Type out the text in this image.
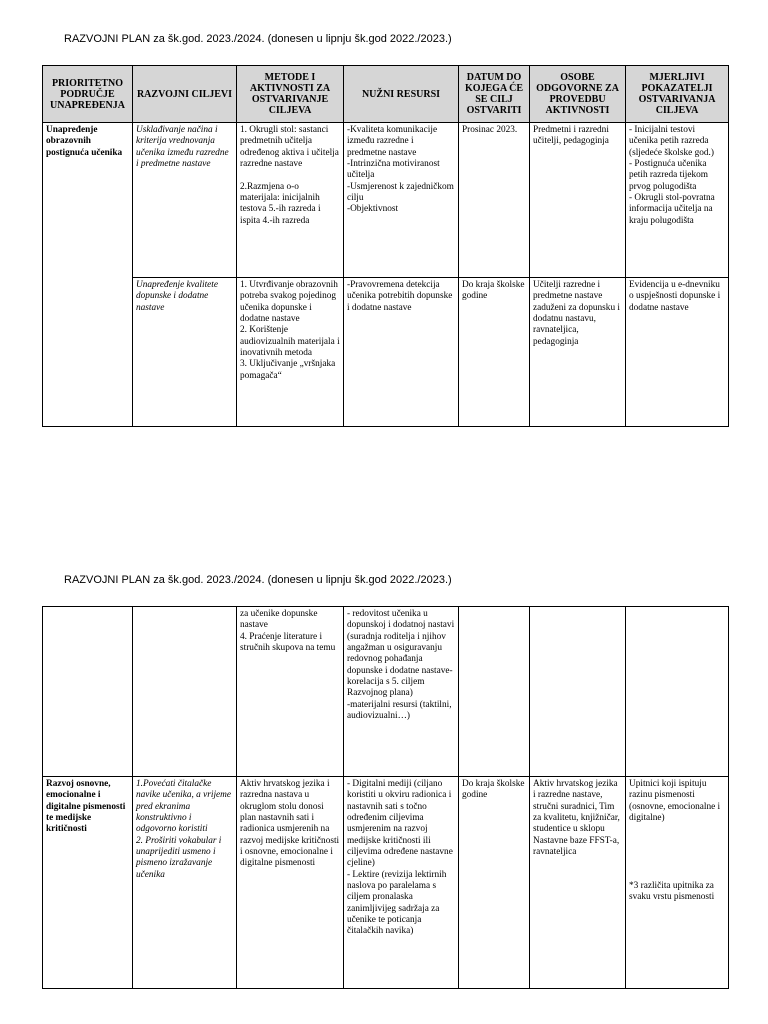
RAZVOJNI PLAN za šk.god. 2023./2024. (donesen u lipnju šk.god 2022./2023.)
PRIORITETNO PODRUČJE UNAPREĐENJA	RAZVOJNI CILJEVI	METODE I AKTIVNOSTI ZA OSTVARIVANJE CILJEVA	NUŽNI RESURSI	DATUM DO KOJEGA ĆE SE CILJ OSTVARITI	OSOBE ODGOVORNE ZA PROVEDBU AKTIVNOSTI	MJERLJIVI POKAZATELJI OSTVARIVANJA CILJEVA
Unapređenje obrazovnih postignuća učenika	Usklađivanje načina i kriterija vrednovanja učenika između razredne i predmetne nastave	1. Okrugli stol: sastanci predmetnih učitelja određenog aktiva i učitelja razredne nastave

2.Razmjena o-o materijala: inicijalnih testova 5.-ih razreda i ispita 4.-ih razreda	-Kvaliteta komunikacije između razredne i predmetne nastave
-Intrinzična motiviranost učitelja
-Usmjerenost k zajedničkom cilju
-Objektivnost	Prosinac 2023.	Predmetni i razredni učitelji, pedagoginja	- Inicijalni testovi učenika petih razreda (sljedeće školske god.)
- Postignuća učenika petih razreda tijekom prvog polugodišta
- Okrugli stol-povratna informacija učitelja na kraju polugodišta
	Unapređenje kvalitete dopunske i dodatne nastave	1. Utvrđivanje obrazovnih potreba svakog pojedinog učenika dopunske i dodatne nastave
2. Korištenje audiovizualnih materijala i inovativnih metoda
3. Uključivanje „vršnjaka pomagača“	-Pravovremena detekcija učenika potrebitih dopunske i dodatne nastave	Do kraja školske godine	Učitelji razredne i predmetne nastave zaduženi za dopunsku i dodatnu nastavu, ravnateljica, pedagoginja	Evidencija u e-dnevniku o uspješnosti dopunske i dodatne nastave
RAZVOJNI PLAN za šk.god. 2023./2024. (donesen u lipnju šk.god 2022./2023.)
		za učenike dopunske nastave
4. Praćenje literature i stručnih skupova na temu	- redovitost učenika u dopunskoj i dodatnoj nastavi (suradnja roditelja i njihov angažman u osiguravanju redovnog pohađanja dopunske i dodatne nastave-korelacija s 5. ciljem Razvojnog plana)
-materijalni resursi (taktilni, audiovizualni…)			
Razvoj osnovne, emocionalne i digitalne pismenosti te medijske kritičnosti	1.Povećati čitalačke navike učenika, a vrijeme pred ekranima konstruktivno i odgovorno koristiti
2. Proširiti vokabular i unaprijediti usmeno i pismeno izražavanje učenika	Aktiv hrvatskog jezika i razredna nastava u okruglom stolu donosi plan nastavnih sati i radionica usmjerenih na razvoj medijske kritičnosti i osnovne, emocionalne i digitalne pismenosti	- Digitalni mediji (ciljano koristiti u okviru radionica i nastavnih sati s točno određenim ciljevima usmjerenim na razvoj medijske kritičnosti ili ciljevima određene nastavne cjeline)
- Lektire (revizija lektirnih naslova po paralelama s ciljem pronalaska zanimljivijeg sadržaja za učenike te poticanja čitalačkih navika)	Do kraja školske godine	Aktiv hrvatskog jezika i razredne nastave, stručni suradnici, Tim za kvalitetu, knjižničar, studentice u sklopu Nastavne baze FFST-a, ravnateljica	Upitnici koji ispituju razinu pismenosti (osnovne, emocionalne i digitalne)

*3 različita upitnika za svaku vrstu pismenosti
